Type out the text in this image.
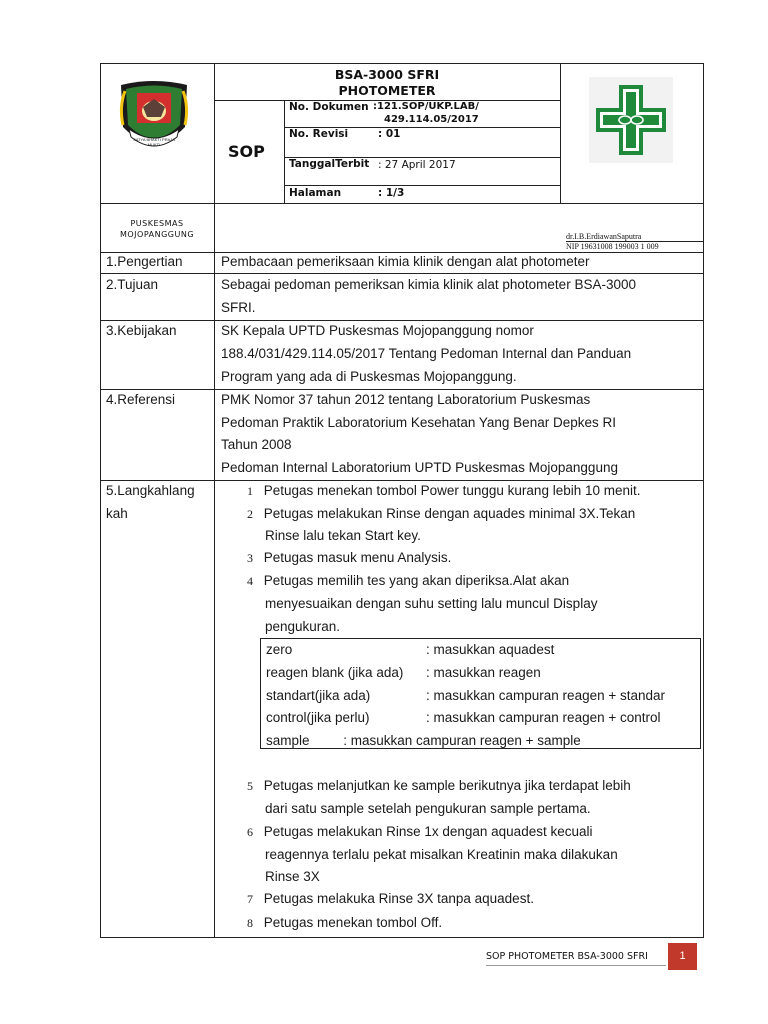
SATYA BHAKTI PRAJA MUKTI
BSA-3000 SFRI
PHOTOMETER
SOP
No. Dokumen :121.SOP/UKP.LAB/
429.114.05/2017
No. Revisi	: 01
TanggalTerbit : 27 April 2017
Halaman	: 1/3
PUSKESMAS
MOJOPANGGUNG	dr.I.B.ErdiawanSaputra
NIP 19631008 199003 1 009
1.Pengertian	Pembacaan pemeriksaan kimia klinik dengan alat photometer
2.Tujuan	Sebagai pedoman pemeriksan kimia klinik alat photometer BSA-3000
SFRI.
3.Kebijakan	SK Kepala UPTD Puskesmas Mojopanggung nomor
188.4/031/429.114.05/2017 Tentang Pedoman Internal dan Panduan
Program yang ada di Puskesmas Mojopanggung.
4.Referensi	PMK Nomor 37 tahun 2012 tentang Laboratorium Puskesmas
Pedoman Praktik Laboratorium Kesehatan Yang Benar Depkes RI
Tahun 2008
Pedoman Internal Laboratorium UPTD Puskesmas Mojopanggung
5.Langkahlang
kah
1 Petugas menekan tombol Power tunggu kurang lebih 10 menit.
2 Petugas melakukan Rinse dengan aquades minimal 3X.Tekan
Rinse lalu tekan Start key.
3 Petugas masuk menu Analysis.
4 Petugas memilih tes yang akan diperiksa.Alat akan
menyesuaikan dengan suhu setting lalu muncul Display
pengukuran.
zero	: masukkan aquadest
reagen blank (jika ada) : masukkan reagen
standart(jika ada)	: masukkan campuran reagen + standar
control(jika perlu)	: masukkan campuran reagen + control
sample         : masukkan campuran reagen + sample
5 Petugas melanjutkan ke sample berikutnya jika terdapat lebih
dari satu sample setelah pengukuran sample pertama.
6 Petugas melakukan Rinse 1x dengan aquadest kecuali
reagennya terlalu pekat misalkan Kreatinin maka dilakukan
Rinse 3X
7 Petugas melakuka Rinse 3X tanpa aquadest.
8 Petugas menekan tombol Off.
SOP PHOTOMETER BSA-3000 SFRI	1
